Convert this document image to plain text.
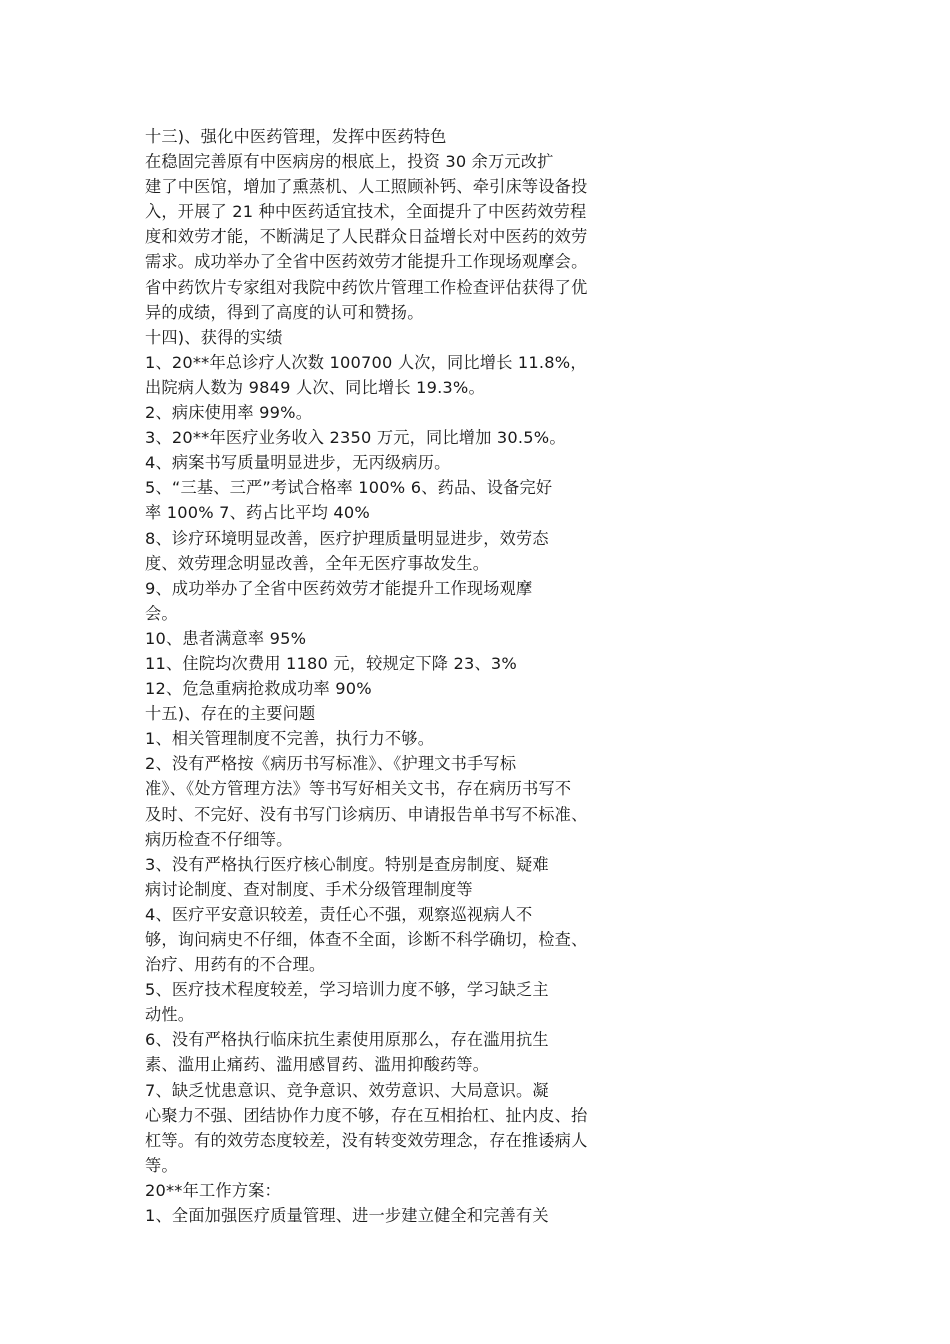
十三)、强化中医药管理，发挥中医药特色
在稳固完善原有中医病房的根底上，投资 30 余万元改扩
建了中医馆，增加了熏蒸机、人工照顾补钙、牵引床等设备投
入，开展了 21 种中医药适宜技术，全面提升了中医药效劳程
度和效劳才能，不断满足了人民群众日益增长对中医药的效劳
需求。成功举办了全省中医药效劳才能提升工作现场观摩会。
省中药饮片专家组对我院中药饮片管理工作检查评估获得了优
异的成绩，得到了高度的认可和赞扬。
十四)、获得的实绩
1、20**年总诊疗人次数 100700 人次，同比增长 11.8%，
出院病人数为 9849 人次、同比增长 19.3%。
2、病床使用率 99%。
3、20**年医疗业务收入 2350 万元，同比增加 30.5%。
4、病案书写质量明显进步，无丙级病历。
5、“三基、三严”考试合格率 100% 6、药品、设备完好
率 100% 7、药占比平均 40%
8、诊疗环境明显改善，医疗护理质量明显进步，效劳态
度、效劳理念明显改善，全年无医疗事故发生。
9、成功举办了全省中医药效劳才能提升工作现场观摩
会。
10、患者满意率 95%
11、住院均次费用 1180 元，较规定下降 23、3%
12、危急重病抢救成功率 90%
十五)、存在的主要问题
1、相关管理制度不完善，执行力不够。
2、没有严格按《病历书写标准》、《护理文书手写标
准》、《处方管理方法》等书写好相关文书，存在病历书写不
及时、不完好、没有书写门诊病历、申请报告单书写不标准、
病历检查不仔细等。
3、没有严格执行医疗核心制度。特别是查房制度、疑难
病讨论制度、查对制度、手术分级管理制度等
4、医疗平安意识较差，责任心不强，观察巡视病人不
够，询问病史不仔细，体查不全面，诊断不科学确切，检查、
治疗、用药有的不合理。
5、医疗技术程度较差，学习培训力度不够，学习缺乏主
动性。
6、没有严格执行临床抗生素使用原那么，存在滥用抗生
素、滥用止痛药、滥用感冒药、滥用抑酸药等。
7、缺乏忧患意识、竞争意识、效劳意识、大局意识。凝
心聚力不强、团结协作力度不够，存在互相抬杠、扯内皮、抬
杠等。有的效劳态度较差，没有转变效劳理念，存在推诿病人
等。
20**年工作方案：
1、全面加强医疗质量管理、进一步建立健全和完善有关
